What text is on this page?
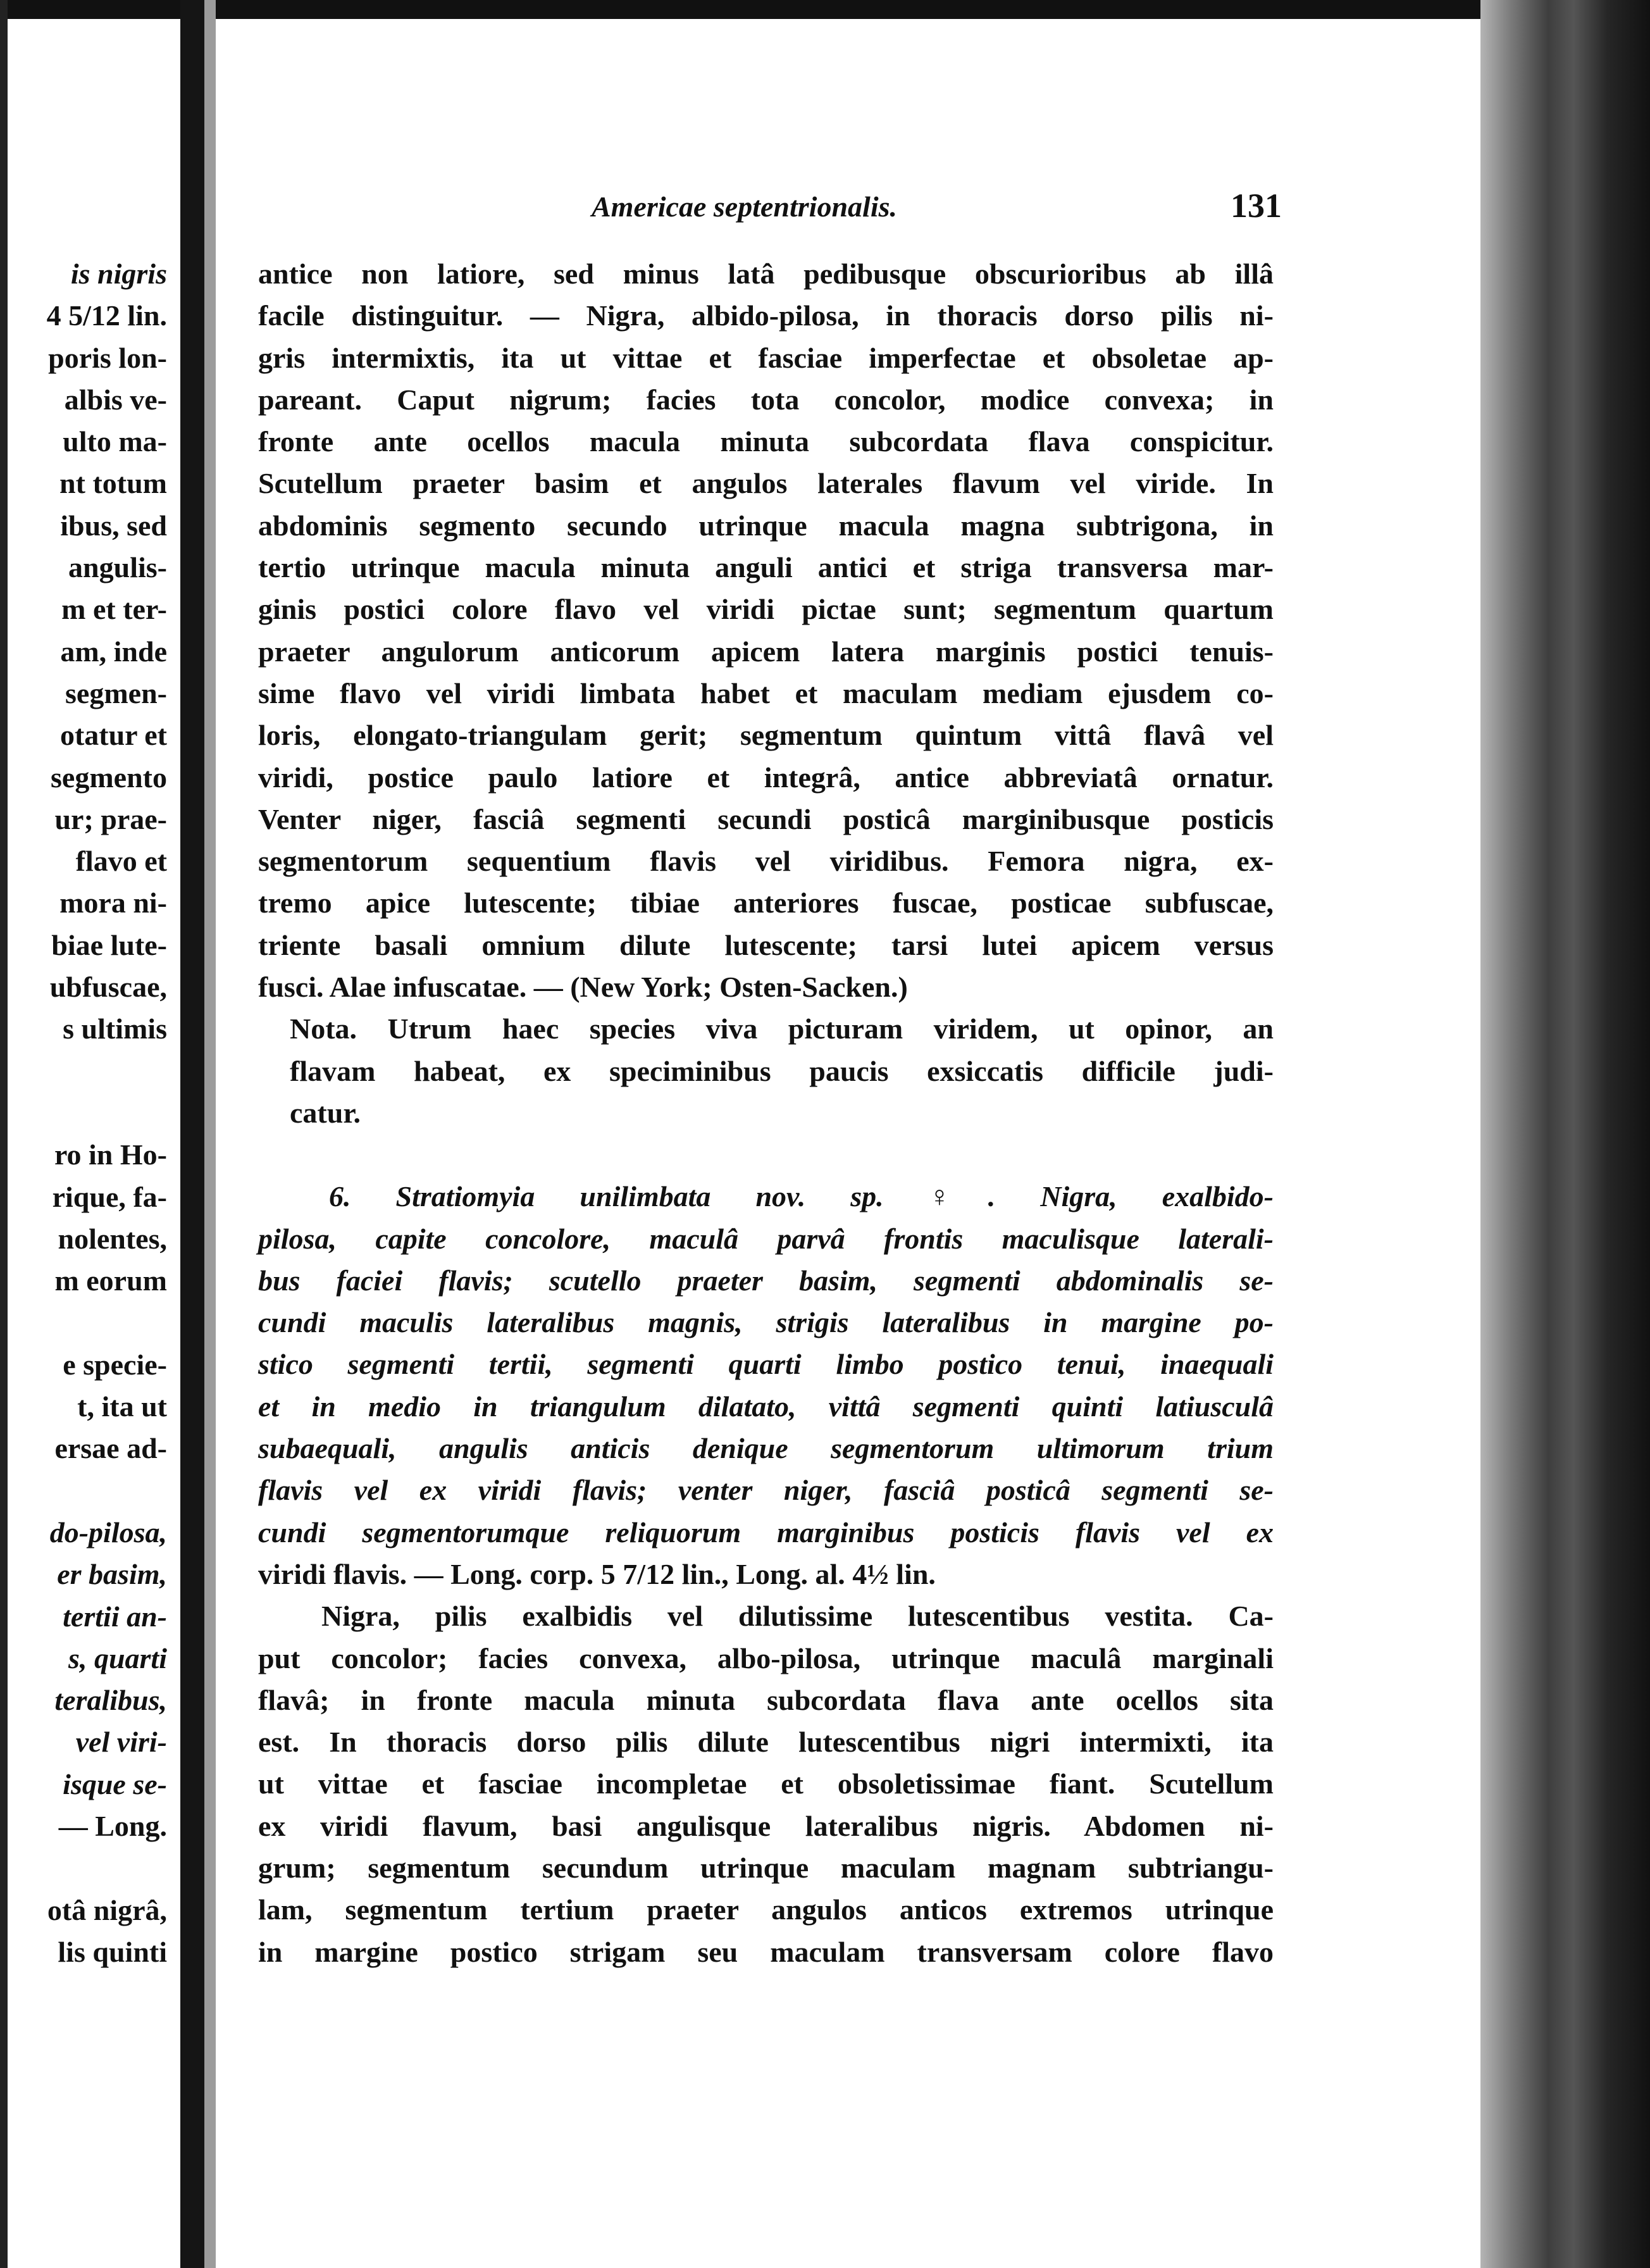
is nigris
4 5/12 lin.
poris lon-
albis ve-
ulto ma-
nt totum
ibus, sed
angulis-
m et ter-
am, inde
segmen-
otatur et
segmento
ur; prae-
flavo et
mora ni-
biae lute-
ubfuscae,
s ultimis
ro in Ho-
rique, fa-
nolentes,
m eorum
e specie-
t, ita ut
ersae ad-
do-pilosa,
er basim,
tertii an-
s, quarti
teralibus,
vel viri-
isque se-
— Long.
otâ nigrâ,
lis quinti
Americae septentrionalis.	131
antice non latiore, sed minus latâ pedibusque obscurioribus ab illâ
facile distinguitur. — Nigra, albido-pilosa, in thoracis dorso pilis ni-
gris intermixtis, ita ut vittae et fasciae imperfectae et obsoletae ap-
pareant. Caput nigrum; facies tota concolor, modice convexa; in
fronte ante ocellos macula minuta subcordata flava conspicitur.
Scutellum praeter basim et angulos laterales flavum vel viride. In
abdominis segmento secundo utrinque macula magna subtrigona, in
tertio utrinque macula minuta anguli antici et striga transversa mar-
ginis postici colore flavo vel viridi pictae sunt; segmentum quartum
praeter angulorum anticorum apicem latera marginis postici tenuis-
sime flavo vel viridi limbata habet et maculam mediam ejusdem co-
loris, elongato-triangulam gerit; segmentum quintum vittâ flavâ vel
viridi, postice paulo latiore et integrâ, antice abbreviatâ ornatur.
Venter niger, fasciâ segmenti secundi posticâ marginibusque posticis
segmentorum sequentium flavis vel viridibus. Femora nigra, ex-
tremo apice lutescente; tibiae anteriores fuscae, posticae subfuscae,
triente basali omnium dilute lutescente; tarsi lutei apicem versus
fusci. Alae infuscatae. — (New York; Osten-Sacken.)
Nota. Utrum haec species viva picturam viridem, ut opinor, an
flavam habeat, ex speciminibus paucis exsiccatis difficile judi-
catur.
6. Stratiomyia unilimbata nov. sp. ♀. Nigra, exalbido-
pilosa, capite concolore, maculâ parvâ frontis maculisque laterali-
bus faciei flavis; scutello praeter basim, segmenti abdominalis se-
cundi maculis lateralibus magnis, strigis lateralibus in margine po-
stico segmenti tertii, segmenti quarti limbo postico tenui, inaequali
et in medio in triangulum dilatato, vittâ segmenti quinti latiusculâ
subaequali, angulis anticis denique segmentorum ultimorum trium
flavis vel ex viridi flavis; venter niger, fasciâ posticâ segmenti se-
cundi segmentorumque reliquorum marginibus posticis flavis vel ex
viridi flavis. — Long. corp. 5 7/12 lin., Long. al. 4½ lin.
Nigra, pilis exalbidis vel dilutissime lutescentibus vestita. Ca-
put concolor; facies convexa, albo-pilosa, utrinque maculâ marginali
flavâ; in fronte macula minuta subcordata flava ante ocellos sita
est. In thoracis dorso pilis dilute lutescentibus nigri intermixti, ita
ut vittae et fasciae incompletae et obsoletissimae fiant. Scutellum
ex viridi flavum, basi angulisque lateralibus nigris. Abdomen ni-
grum; segmentum secundum utrinque maculam magnam subtriangu-
lam, segmentum tertium praeter angulos anticos extremos utrinque
in margine postico strigam seu maculam transversam colore flavo
